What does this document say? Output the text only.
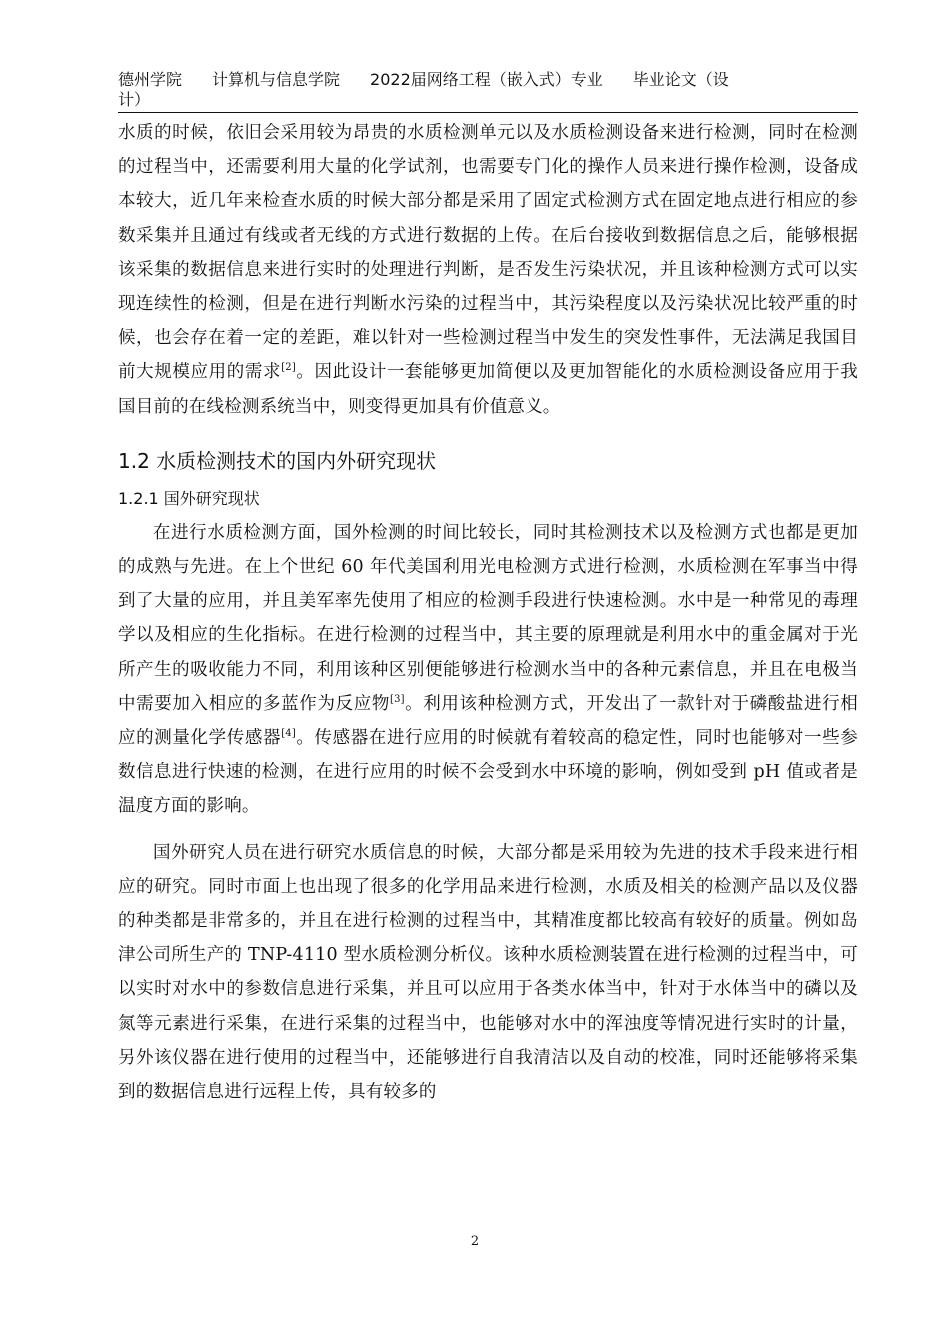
德州学院 计算机与信息学院 2022届网络工程（嵌入式）专业 毕业论文（设
计）

水质的时候，依旧会采用较为昂贵的水质检测单元以及水质检测设备来进行检测，同时在检测的过程当中，还需要利用大量的化学试剂，也需要专门化的操作人员来进行操作检测，设备成本较大，近几年来检查水质的时候大部分都是采用了固定式检测方式在固定地点进行相应的参数采集并且通过有线或者无线的方式进行数据的上传。在后台接收到数据信息之后，能够根据该采集的数据信息来进行实时的处理进行判断，是否发生污染状况，并且该种检测方式可以实现连续性的检测，但是在进行判断水污染的过程当中，其污染程度以及污染状况比较严重的时候，也会存在着一定的差距，难以针对一些检测过程当中发生的突发性事件，无法满足我国目前大规模应用的需求[2]。因此设计一套能够更加简便以及更加智能化的水质检测设备应用于我国目前的在线检测系统当中，则变得更加具有价值意义。

1.2 水质检测技术的国内外研究现状
1.2.1 国外研究现状

在进行水质检测方面，国外检测的时间比较长，同时其检测技术以及检测方式也都是更加的成熟与先进。在上个世纪 60 年代美国利用光电检测方式进行检测，水质检测在军事当中得到了大量的应用，并且美军率先使用了相应的检测手段进行快速检测。水中是一种常见的毒理学以及相应的生化指标。在进行检测的过程当中，其主要的原理就是利用水中的重金属对于光所产生的吸收能力不同，利用该种区别便能够进行检测水当中的各种元素信息，并且在电极当中需要加入相应的多蓝作为反应物[3]。利用该种检测方式，开发出了一款针对于磷酸盐进行相应的测量化学传感器[4]。传感器在进行应用的时候就有着较高的稳定性，同时也能够对一些参数信息进行快速的检测，在进行应用的时候不会受到水中环境的影响，例如受到 pH 值或者是温度方面的影响。

国外研究人员在进行研究水质信息的时候，大部分都是采用较为先进的技术手段来进行相应的研究。同时市面上也出现了很多的化学用品来进行检测，水质及相关的检测产品以及仪器的种类都是非常多的，并且在进行检测的过程当中，其精准度都比较高有较好的质量。例如岛津公司所生产的 TNP-4110 型水质检测分析仪。该种水质检测装置在进行检测的过程当中，可以实时对水中的参数信息进行采集，并且可以应用于各类水体当中，针对于水体当中的磷以及氮等元素进行采集，在进行采集的过程当中，也能够对水中的浑浊度等情况进行实时的计量，另外该仪器在进行使用的过程当中，还能够进行自我清洁以及自动的校准，同时还能够将采集到的数据信息进行远程上传，具有较多的

2
